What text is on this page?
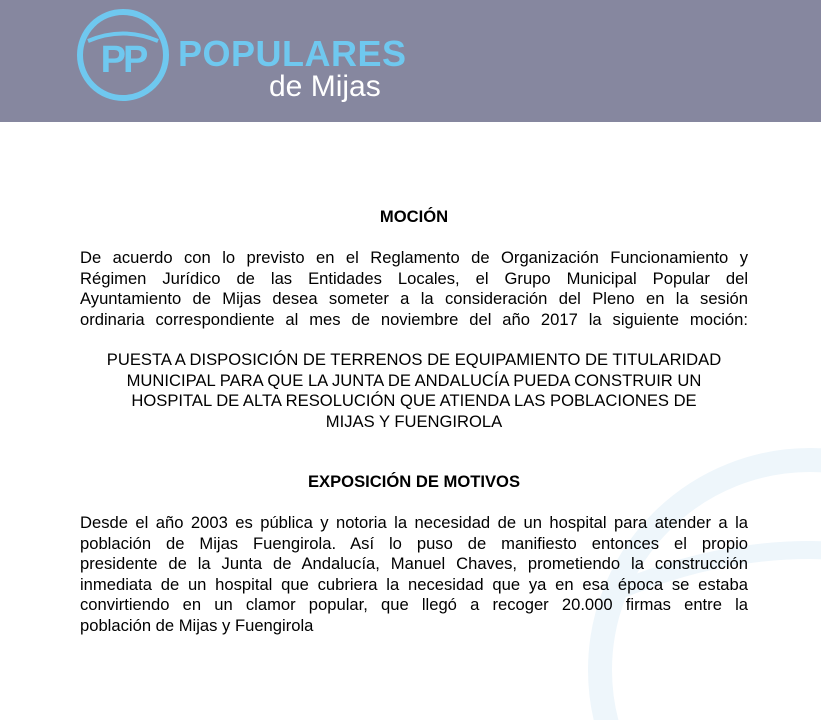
PP POPULARES
de Mijas
MOCIÓN
De acuerdo con lo previsto en el Reglamento de Organización Funcionamiento y
Régimen Jurídico de las Entidades Locales, el Grupo Municipal Popular del
Ayuntamiento de Mijas desea someter a la consideración del Pleno en la sesión
ordinaria correspondiente al mes de noviembre del año 2017 la siguiente moción:
PUESTA A DISPOSICIÓN DE TERRENOS DE EQUIPAMIENTO DE TITULARIDAD
MUNICIPAL PARA QUE LA JUNTA DE ANDALUCÍA PUEDA CONSTRUIR UN
HOSPITAL DE ALTA RESOLUCIÓN QUE ATIENDA LAS POBLACIONES DE
MIJAS Y FUENGIROLA
EXPOSICIÓN DE MOTIVOS
Desde el año 2003 es pública y notoria la necesidad de un hospital para atender a la
población de Mijas Fuengirola. Así lo puso de manifiesto entonces el propio
presidente de la Junta de Andalucía, Manuel Chaves, prometiendo la construcción
inmediata de un hospital que cubriera la necesidad que ya en esa época se estaba
convirtiendo en un clamor popular, que llegó a recoger 20.000 firmas entre la
población de Mijas y Fuengirola
